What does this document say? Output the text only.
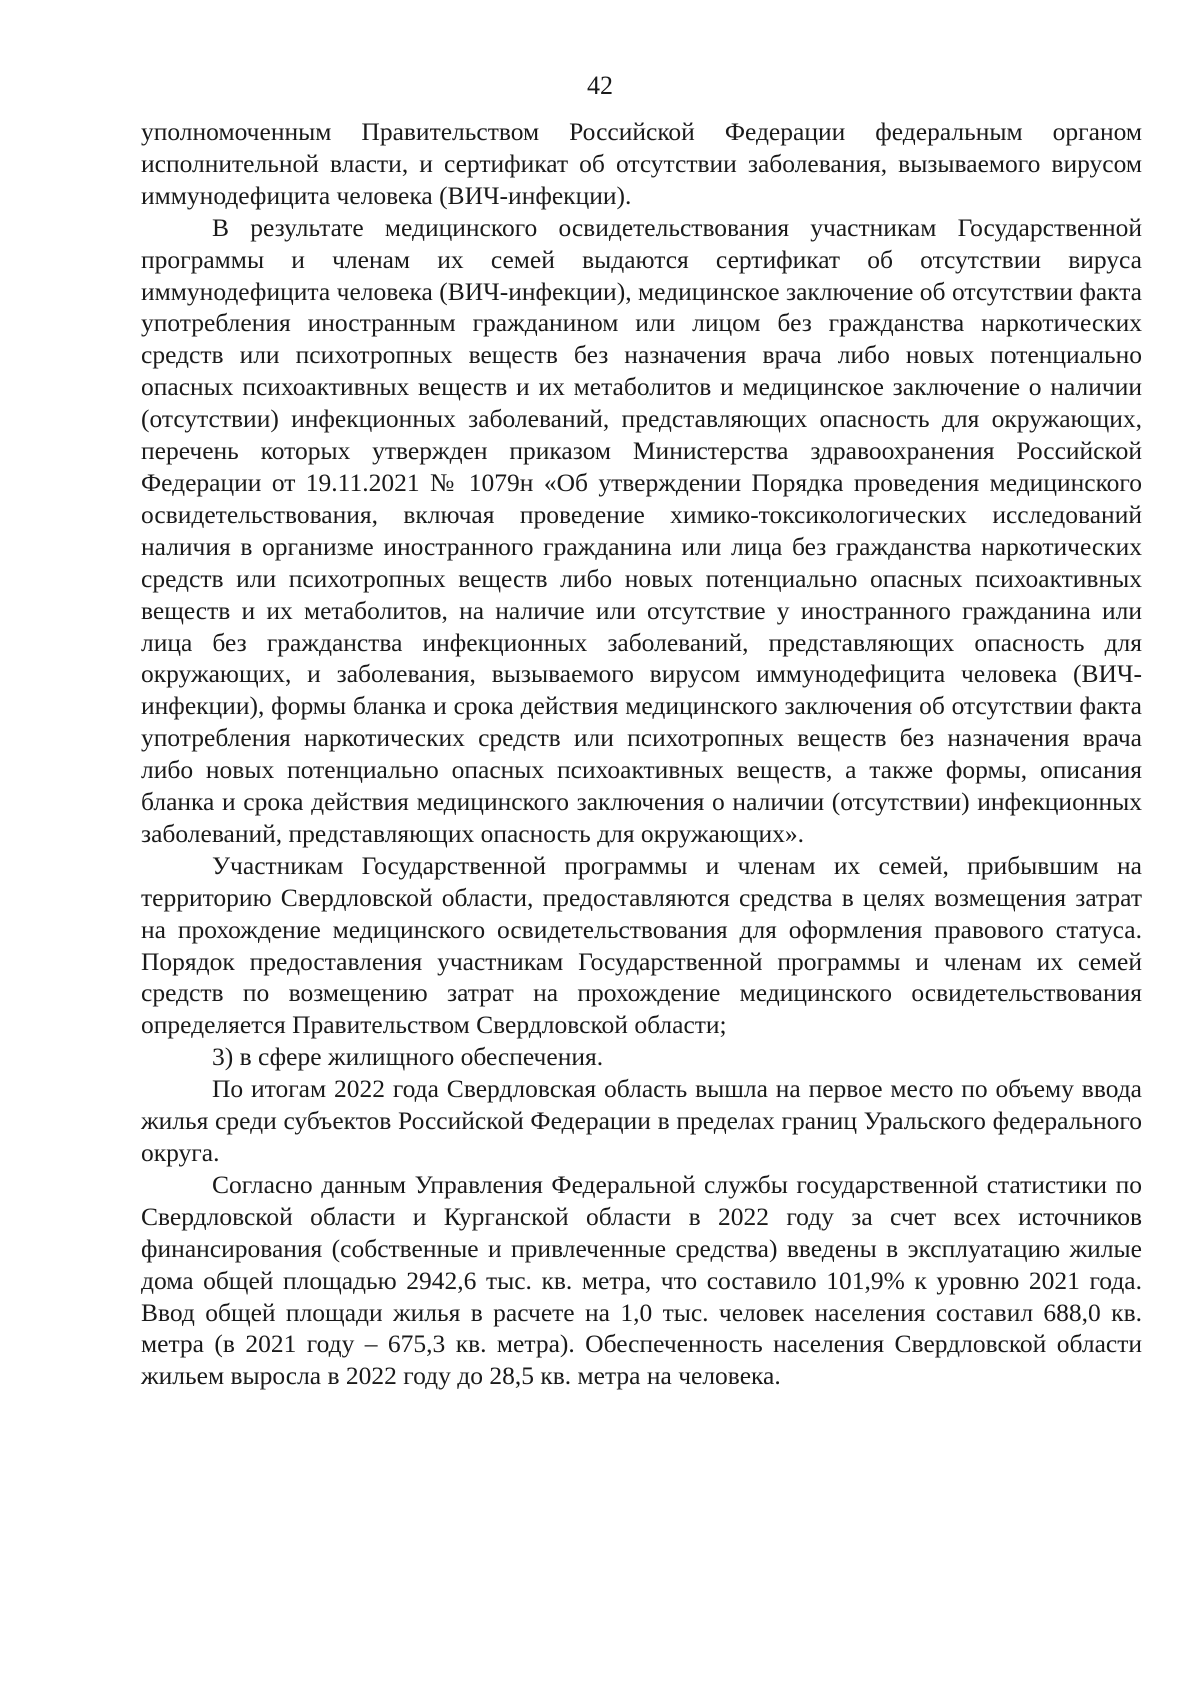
42

уполномоченным Правительством Российской Федерации федеральным органом исполнительной власти, и сертификат об отсутствии заболевания, вызываемого вирусом иммунодефицита человека (ВИЧ-инфекции).

В результате медицинского освидетельствования участникам Государственной программы и членам их семей выдаются сертификат об отсутствии вируса иммунодефицита человека (ВИЧ-инфекции), медицинское заключение об отсутствии факта употребления иностранным гражданином или лицом без гражданства наркотических средств или психотропных веществ без назначения врача либо новых потенциально опасных психоактивных веществ и их метаболитов и медицинское заключение о наличии (отсутствии) инфекционных заболеваний, представляющих опасность для окружающих, перечень которых утвержден приказом Министерства здравоохранения Российской Федерации от 19.11.2021 № 1079н «Об утверждении Порядка проведения медицинского освидетельствования, включая проведение химико-токсикологических исследований наличия в организме иностранного гражданина или лица без гражданства наркотических средств или психотропных веществ либо новых потенциально опасных психоактивных веществ и их метаболитов, на наличие или отсутствие у иностранного гражданина или лица без гражданства инфекционных заболеваний, представляющих опасность для окружающих, и заболевания, вызываемого вирусом иммунодефицита человека (ВИЧ-инфекции), формы бланка и срока действия медицинского заключения об отсутствии факта употребления наркотических средств или психотропных веществ без назначения врача либо новых потенциально опасных психоактивных веществ, а также формы, описания бланка и срока действия медицинского заключения о наличии (отсутствии) инфекционных заболеваний, представляющих опасность для окружающих».

Участникам Государственной программы и членам их семей, прибывшим на территорию Свердловской области, предоставляются средства в целях возмещения затрат на прохождение медицинского освидетельствования для оформления правового статуса. Порядок предоставления участникам Государственной программы и членам их семей средств по возмещению затрат на прохождение медицинского освидетельствования определяется Правительством Свердловской области;

3) в сфере жилищного обеспечения.

По итогам 2022 года Свердловская область вышла на первое место по объему ввода жилья среди субъектов Российской Федерации в пределах границ Уральского федерального округа.

Согласно данным Управления Федеральной службы государственной статистики по Свердловской области и Курганской области в 2022 году за счет всех источников финансирования (собственные и привлеченные средства) введены в эксплуатацию жилые дома общей площадью 2942,6 тыс. кв. метра, что составило 101,9% к уровню 2021 года. Ввод общей площади жилья в расчете на 1,0 тыс. человек населения составил 688,0 кв. метра (в 2021 году – 675,3 кв. метра). Обеспеченность населения Свердловской области жильем выросла в 2022 году до 28,5 кв. метра на человека.
